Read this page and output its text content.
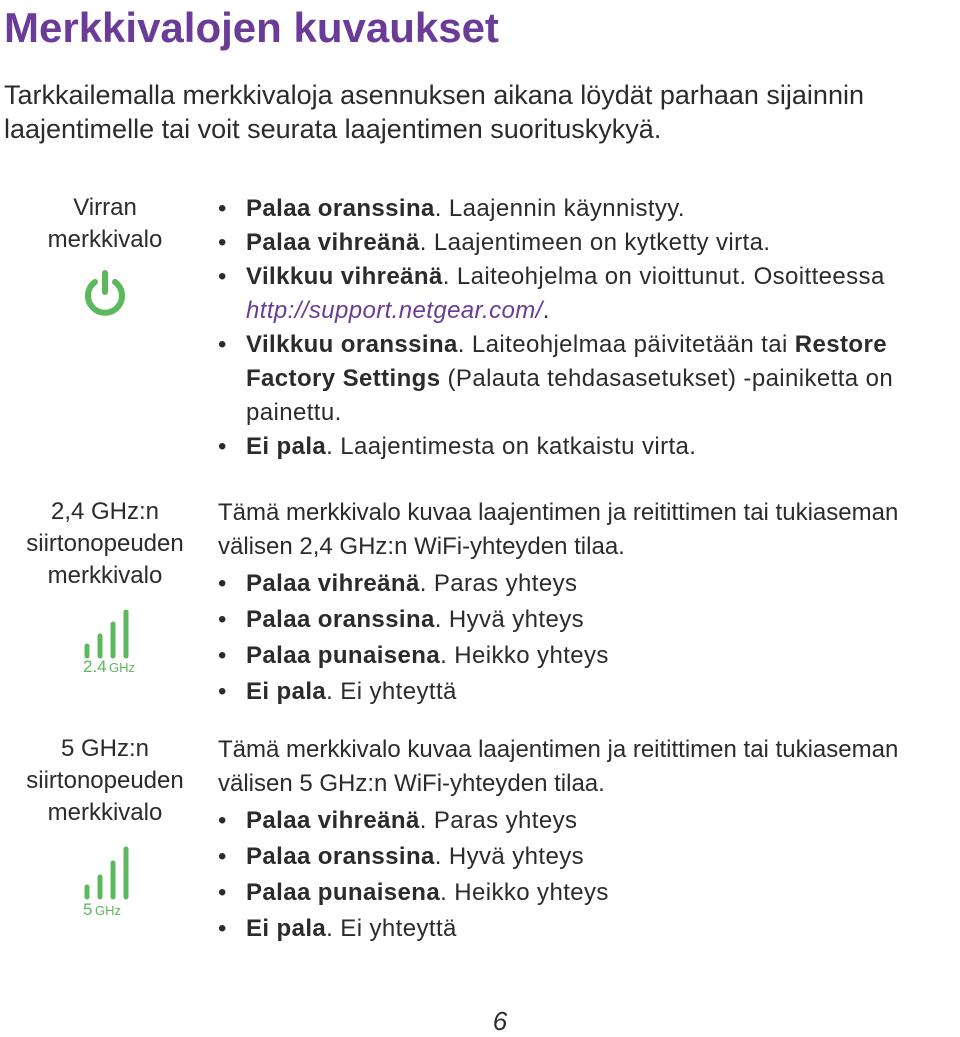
Merkkivalojen kuvaukset

Tarkkailemalla merkkivaloja asennuksen aikana löydät parhaan sijainnin laajentimelle tai voit seurata laajentimen suorituskykyä.

Virran
merkkivalo
• Palaa oranssina. Laajennin käynnistyy.
• Palaa vihreänä. Laajentimeen on kytketty virta.
• Vilkkuu vihreänä. Laiteohjelma on vioittunut. Osoitteessa http://support.netgear.com/.
• Vilkkuu oranssina. Laiteohjelmaa päivitetään tai Restore Factory Settings (Palauta tehdasasetukset) -painiketta on painettu.
• Ei pala. Laajentimesta on katkaistu virta.
2,4 GHz:n
siirtonopeuden
merkkivalo
2.4 GHz

Tämä merkkivalo kuvaa laajentimen ja reitittimen tai tukiaseman välisen 2,4 GHz:n WiFi-yhteyden tilaa.

• Palaa vihreänä. Paras yhteys
• Palaa oranssina. Hyvä yhteys
• Palaa punaisena. Heikko yhteys
• Ei pala. Ei yhteyttä
5 GHz:n
siirtonopeuden
merkkivalo
5 GHz

Tämä merkkivalo kuvaa laajentimen ja reitittimen tai tukiaseman välisen 5 GHz:n WiFi-yhteyden tilaa.

• Palaa vihreänä. Paras yhteys
• Palaa oranssina. Hyvä yhteys
• Palaa punaisena. Heikko yhteys
• Ei pala. Ei yhteyttä
6
